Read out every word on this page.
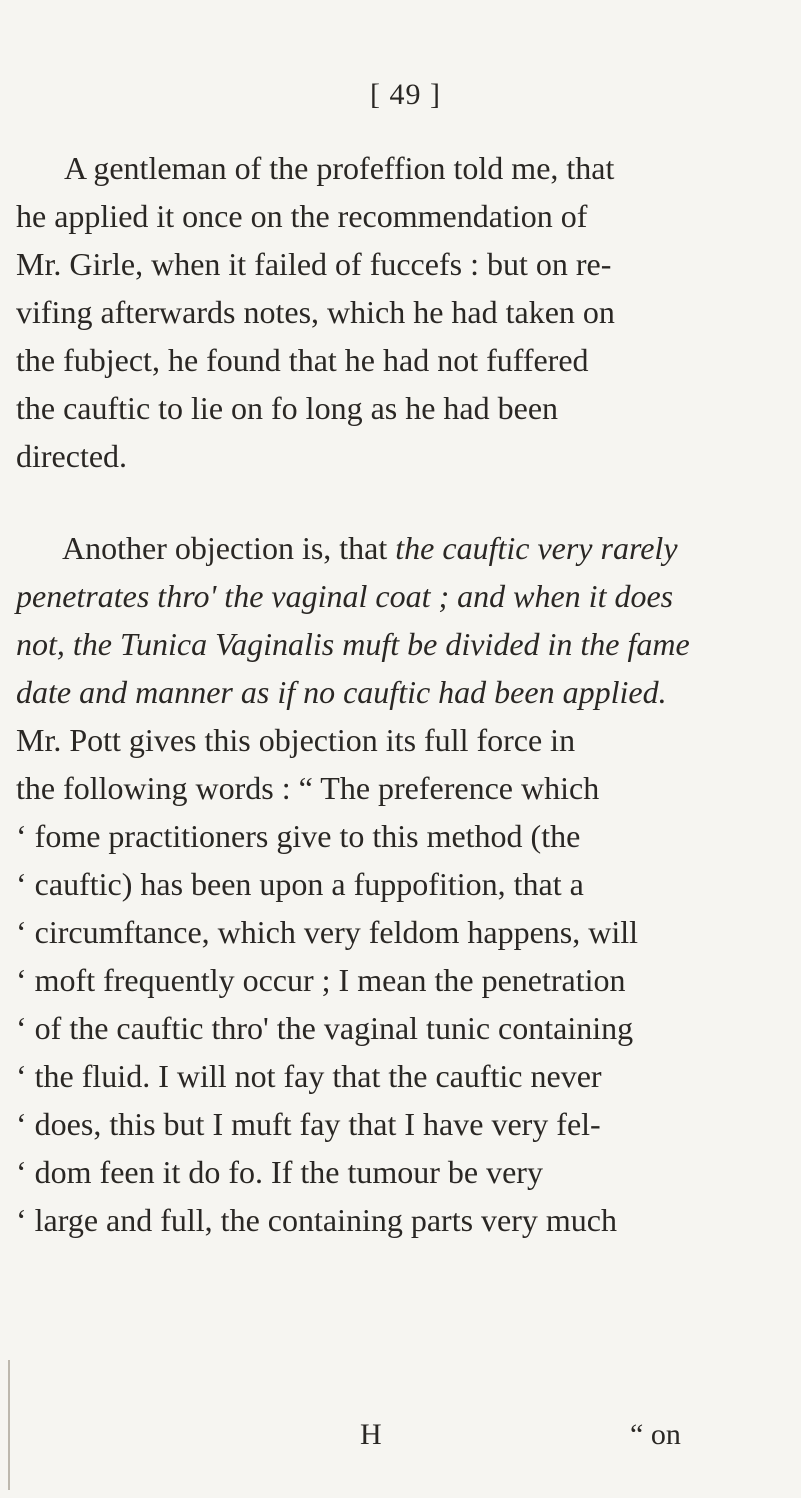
[ 49 ]
A gentleman of the profeffion told me, that
he applied it once on the recommendation of
Mr. Girle, when it failed of fuccefs : but on re-
vifing afterwards notes, which he had taken on
the fubject, he found that he had not fuffered
the cauftic to lie on fo long as he had been
directed.
Another objection is, that the cauftic very rarely
penetrates thro' the vaginal coat ; and when it does
not, the Tunica Vaginalis muft be divided in the fame
date and manner as if no cauftic had been applied.
Mr. Pott gives this objection its full force in
the following words : “ The preference which
‘ fome practitioners give to this method (the
‘ cauftic) has been upon a fuppofition, that a
‘ circumftance, which very feldom happens, will
‘ moft frequently occur ; I mean the penetration
‘ of the cauftic thro' the vaginal tunic containing
‘ the fluid. I will not fay that the cauftic never
‘ does, this but I muft fay that I have very fel-
‘ dom feen it do fo. If the tumour be very
‘ large and full, the containing parts very much
H	“ on
